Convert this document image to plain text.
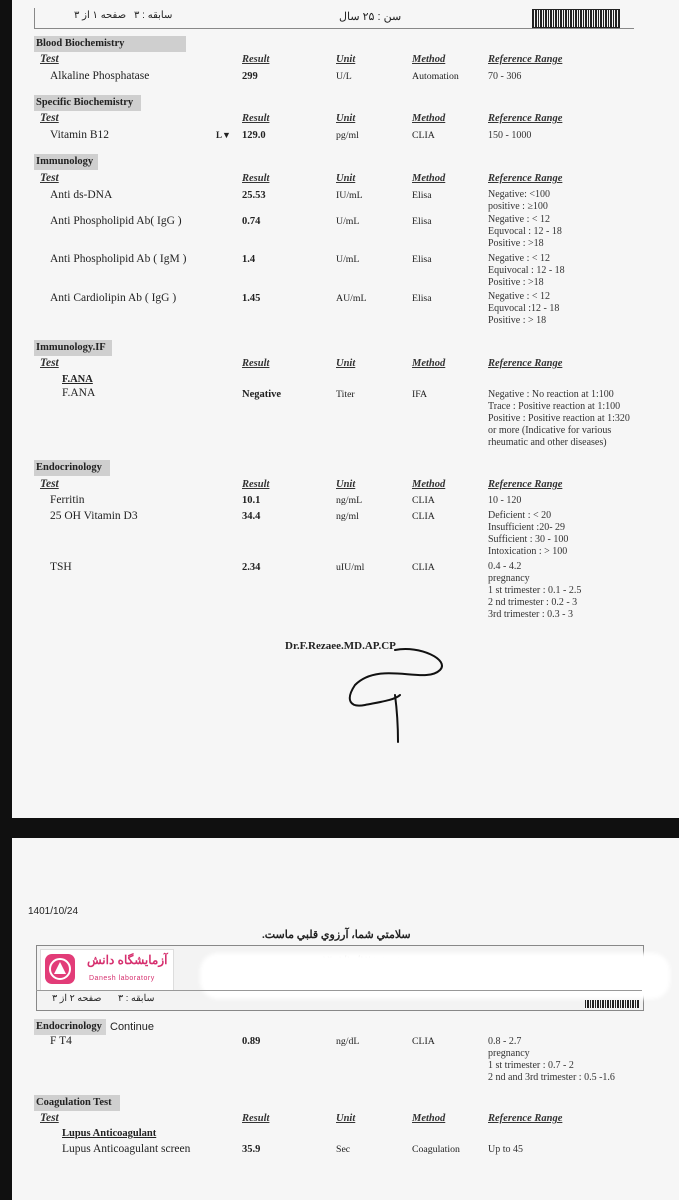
صفحه ۱ از ۳ سابقه : ۳	سن : ۲۵ سال
Blood Biochemistry
Test	Result	Unit	Method	Reference Range
Alkaline Phosphatase	299	U/L	Automation	70 - 306
Specific Biochemistry
Test	Result	Unit	Method	Reference Range
Vitamin B12	L▼ 129.0	pg/ml	CLIA	150 - 1000
Immunology
Test	Result	Unit	Method	Reference Range
Anti ds-DNA	25.53	IU/mL	Elisa	Negative: <100
positive : ≥100
Anti Phospholipid Ab( IgG )	0.74	U/mL	Elisa	Negative : < 12
Equvocal : 12 - 18
Positive : >18
Anti Phospholipid Ab ( IgM )	1.4	U/mL	Elisa	Negative : < 12
Equivocal : 12 - 18
Positive : >18
Anti Cardiolipin Ab ( IgG )	1.45	AU/mL	Elisa	Negative : < 12
Equvocal :12 - 18
Positive : > 18
Immunology.IF
Test	Result	Unit	Method	Reference Range
F.ANA
F.ANA	Negative	Titer	IFA	Negative : No reaction at 1:100
Trace : Positive reaction at 1:100
Positive : Positive reaction at 1:320
or more (Indicative for various
rheumatic and other diseases)
Endocrinology
Test	Result	Unit	Method	Reference Range
Ferritin	10.1	ng/mL	CLIA	10 - 120
25 OH Vitamin D3	34.4	ng/ml	CLIA	Deficient : < 20
Insufficient :20- 29
Sufficient : 30 - 100
Intoxication : > 100
TSH	2.34	uIU/ml	CLIA	0.4 - 4.2
pregnancy
1 st trimester : 0.1 - 2.5
2 nd trimester : 0.2 - 3
3rd trimester : 0.3 - 3
Dr.F.Rezaee.MD.AP.CP
1401/10/24
سلامتي شما، آرزوي قلبي ماست.
آزمايشگاه دانش
Danesh laboratory
صفحه ۲ از ۳ سابقه : ۳
Endocrinology Continue
F T4	0.89	ng/dL	CLIA	0.8 - 2.7
pregnancy
1 st trimester : 0.7 - 2
2 nd and 3rd trimester : 0.5 -1.6
Coagulation Test
Test	Result	Unit	Method	Reference Range
Lupus Anticoagulant
Lupus Anticoagulant screen	35.9	Sec	Coagulation	Up to 45
